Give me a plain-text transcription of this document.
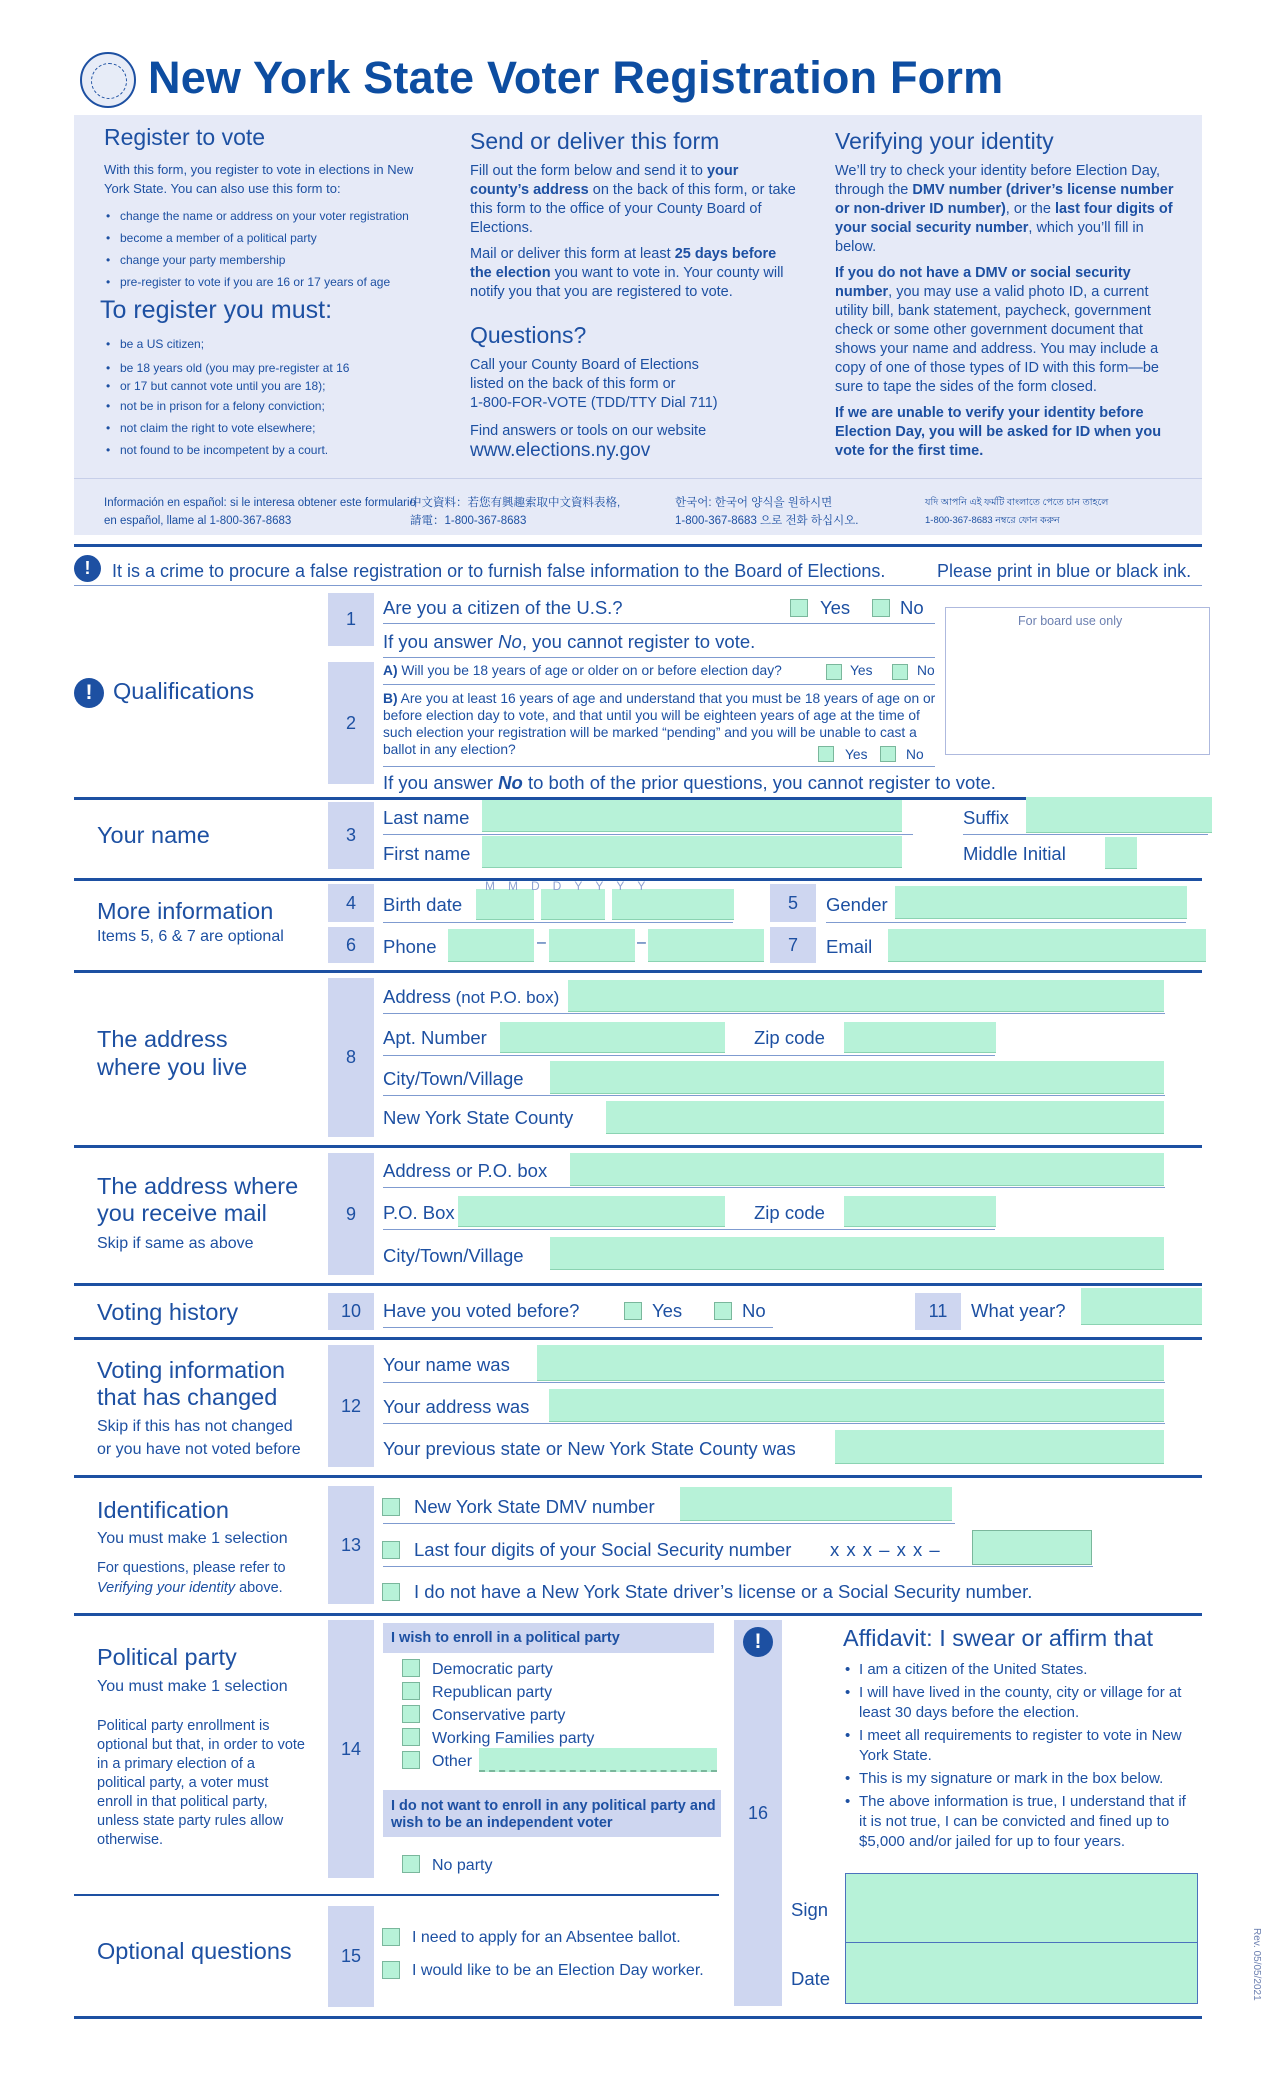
New York State Voter Registration Form
Register to vote
With this form, you register to vote in elections in New York State. You can also use this form to:
• change the name or address on your voter registration
• become a member of a political party
• change your party membership
• pre-register to vote if you are 16 or 17 years of age
To register you must:
• be a US citizen;
• be 18 years old (you may pre-register at 16
• or 17 but cannot vote until you are 18);
• not be in prison for a felony conviction;
• not claim the right to vote elsewhere;
• not found to be incompetent by a court.
Send or deliver this form
Fill out the form below and send it to your county’s address on the back of this form, or take this form to the office of your County Board of Elections.
Mail or deliver this form at least 25 days before the election you want to vote in. Your county will notify you that you are registered to vote.
Questions?
Call your County Board of Elections
listed on the back of this form or
1-800-FOR-VOTE (TDD/TTY Dial 711)
Find answers or tools on our website
www.elections.ny.gov
Verifying your identity
We’ll try to check your identity before Election Day, through the DMV number (driver’s license number or non-driver ID number), or the last four digits of your social security number, which you’ll fill in below.
If you do not have a DMV or social security number, you may use a valid photo ID, a current utility bill, bank statement, paycheck, government check or some other government document that shows your name and address. You may include a copy of one of those types of ID with this form—be sure to tape the sides of the form closed.
If we are unable to verify your identity before Election Day, you will be asked for ID when you vote for the first time.
Información en español: si le interesa obtener este formulario en español, llame al 1-800-367-8683
中文資料：若您有興趣索取中文資料表格,
請電：1-800-367-8683
한국어: 한국어 양식을 원하시면
1-800-367-8683 으로 전화 하십시오.
যদি আপনি এই ফর্মটি বাংলাতে পেতে চান তাহলে
1-800-367-8683 নম্বরে ফোন করুন
!	It is a crime to procure a false registration or to furnish false information to the Board of Elections.	Please print in blue or black ink.
! Qualifications
For board use only
1
Are you a citizen of the U.S.?	Yes	No
If you answer No, you cannot register to vote.
2
A) Will you be 18 years of age or older on or before election day?	Yes	No
B) Are you at least 16 years of age and understand that you must be 18 years of age on or before election day to vote, and that until you will be eighteen years of age at the time of such election your registration will be marked “pending” and you will be unable to cast a ballot in any election?	Yes	No
If you answer No to both of the prior questions, you cannot register to vote.
Your name	3
Last name	Suffix
First name	Middle Initial
More information
Items 5, 6 & 7 are optional
4	Birth date
MMDDYYYY
5	Gender
6	Phone	–	–	7	Email
The address
where you live	8
Address (not P.O. box)
Apt. Number	Zip code
City/Town/Village
New York State County
The address where
you receive mail
Skip if same as above
9
Address or P.O. box
P.O. Box	Zip code
City/Town/Village
Voting history	10	Have you voted before?	Yes	No	11	What year?
Voting information
that has changed
Skip if this has not changed
or you have not voted before
12
Your name was
Your address was
Your previous state or New York State County was
Identification
You must make 1 selection
For questions, please refer to
Verifying your identity above.
13
New York State DMV number
Last four digits of your Social Security number x x x – x x –
I do not have a New York State driver’s license or a Social Security number.
Political party
You must make 1 selection
Political party enrollment is optional but that, in order to vote in a primary election of a political party, a voter must enroll in that political party, unless state party rules allow otherwise.
14
I wish to enroll in a political party
Democratic party
Republican party
Conservative party
Working Families party
Other
I do not want to enroll in any political party and wish to be an independent voter
No party
Optional questions	15
I need to apply for an Absentee ballot.
I would like to be an Election Day worker.
16
!	Affidavit: I swear or affirm that
• I am a citizen of the United States.
• I will have lived in the county, city or village for at least 30 days before the election.
• I meet all requirements to register to vote in New York State.
• This is my signature or mark in the box below.
• The above information is true, I understand that if it is not true, I can be convicted and fined up to $5,000 and/or jailed for up to four years.
Sign
Date	Rev. 05/05/2021
